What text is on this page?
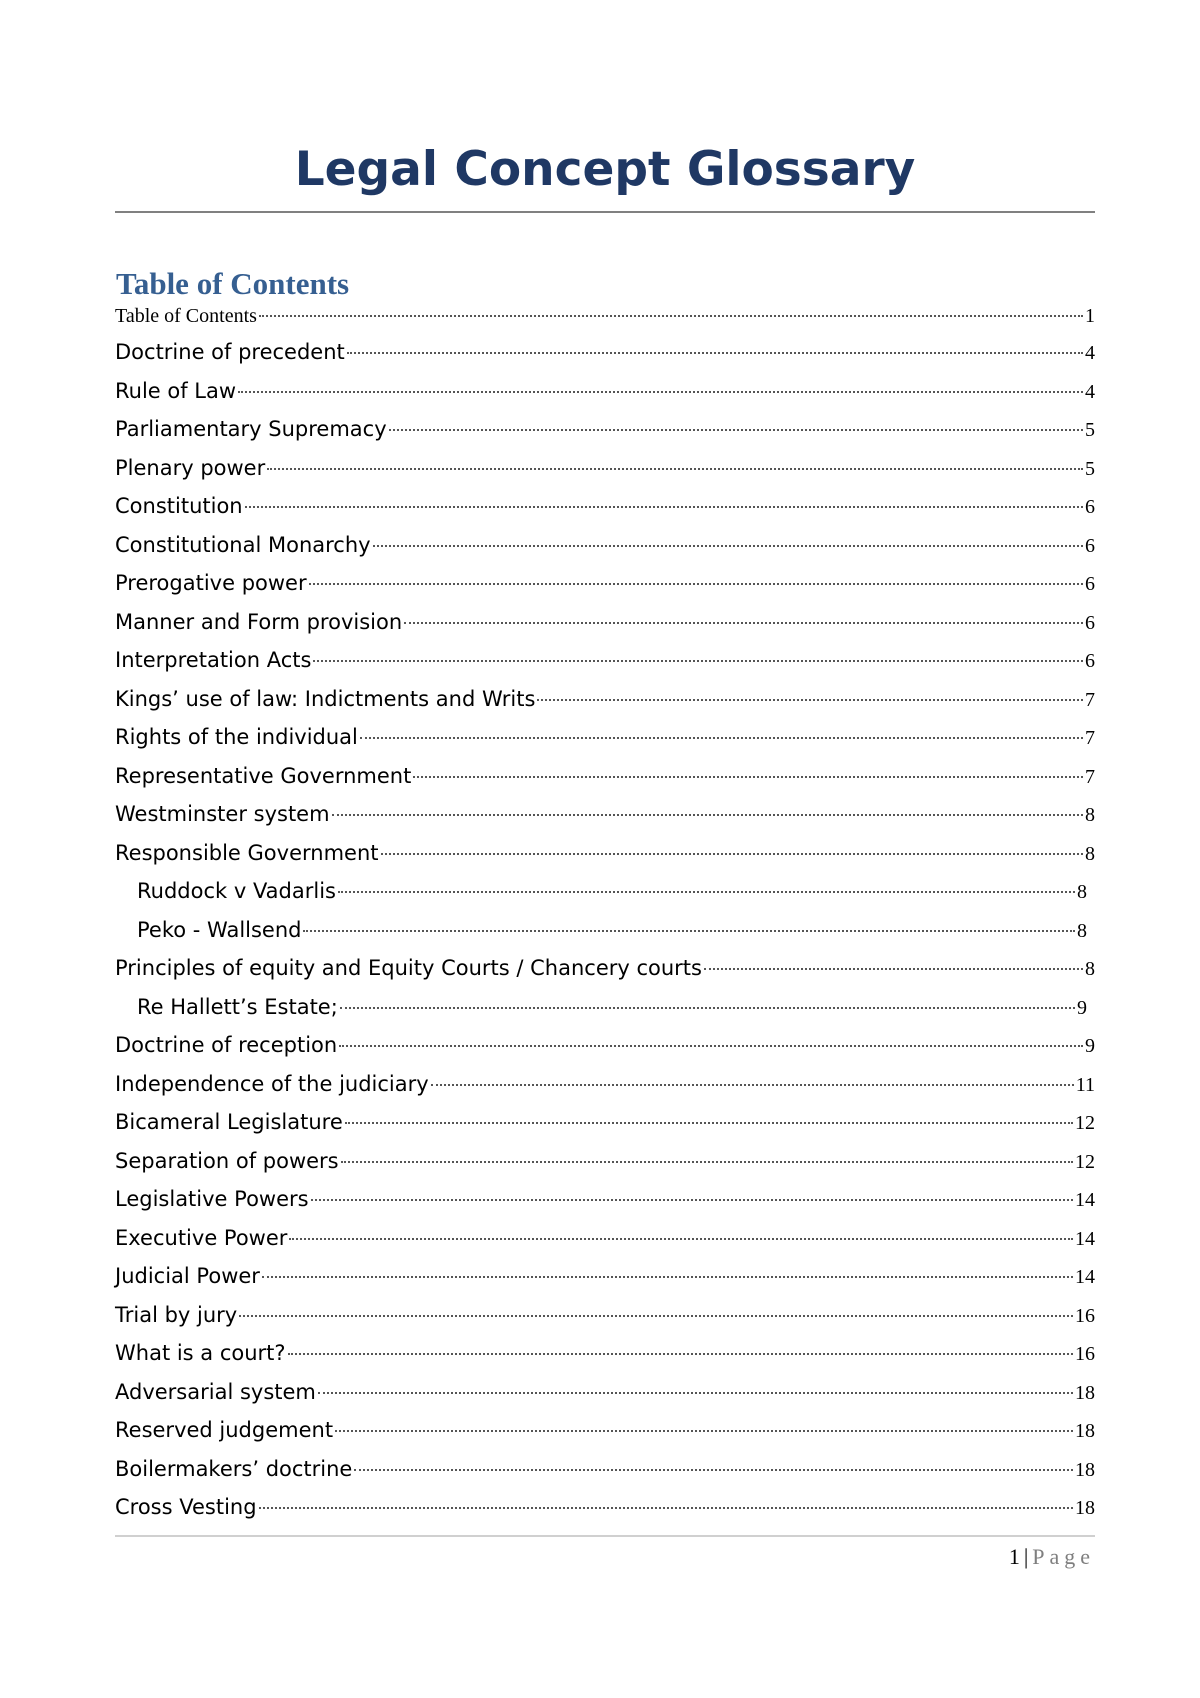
Legal Concept Glossary
Table of Contents
Table of Contents	1
Doctrine of precedent	4
Rule of Law	4
Parliamentary Supremacy	5
Plenary power	5
Constitution	6
Constitutional Monarchy	6
Prerogative power	6
Manner and Form provision	6
Interpretation Acts	6
Kings’ use of law: Indictments and Writs	7
Rights of the individual	7
Representative Government	7
Westminster system	8
Responsible Government	8
Ruddock v Vadarlis	8
Peko - Wallsend	8
Principles of equity and Equity Courts / Chancery courts	8
Re Hallett’s Estate;	9
Doctrine of reception	9
Independence of the judiciary	11
Bicameral Legislature	12
Separation of powers	12
Legislative Powers	14
Executive Power	14
Judicial Power	14
Trial by jury	16
What is a court?	16
Adversarial system	18
Reserved judgement	18
Boilermakers’ doctrine	18
Cross Vesting	18
1 | Page
